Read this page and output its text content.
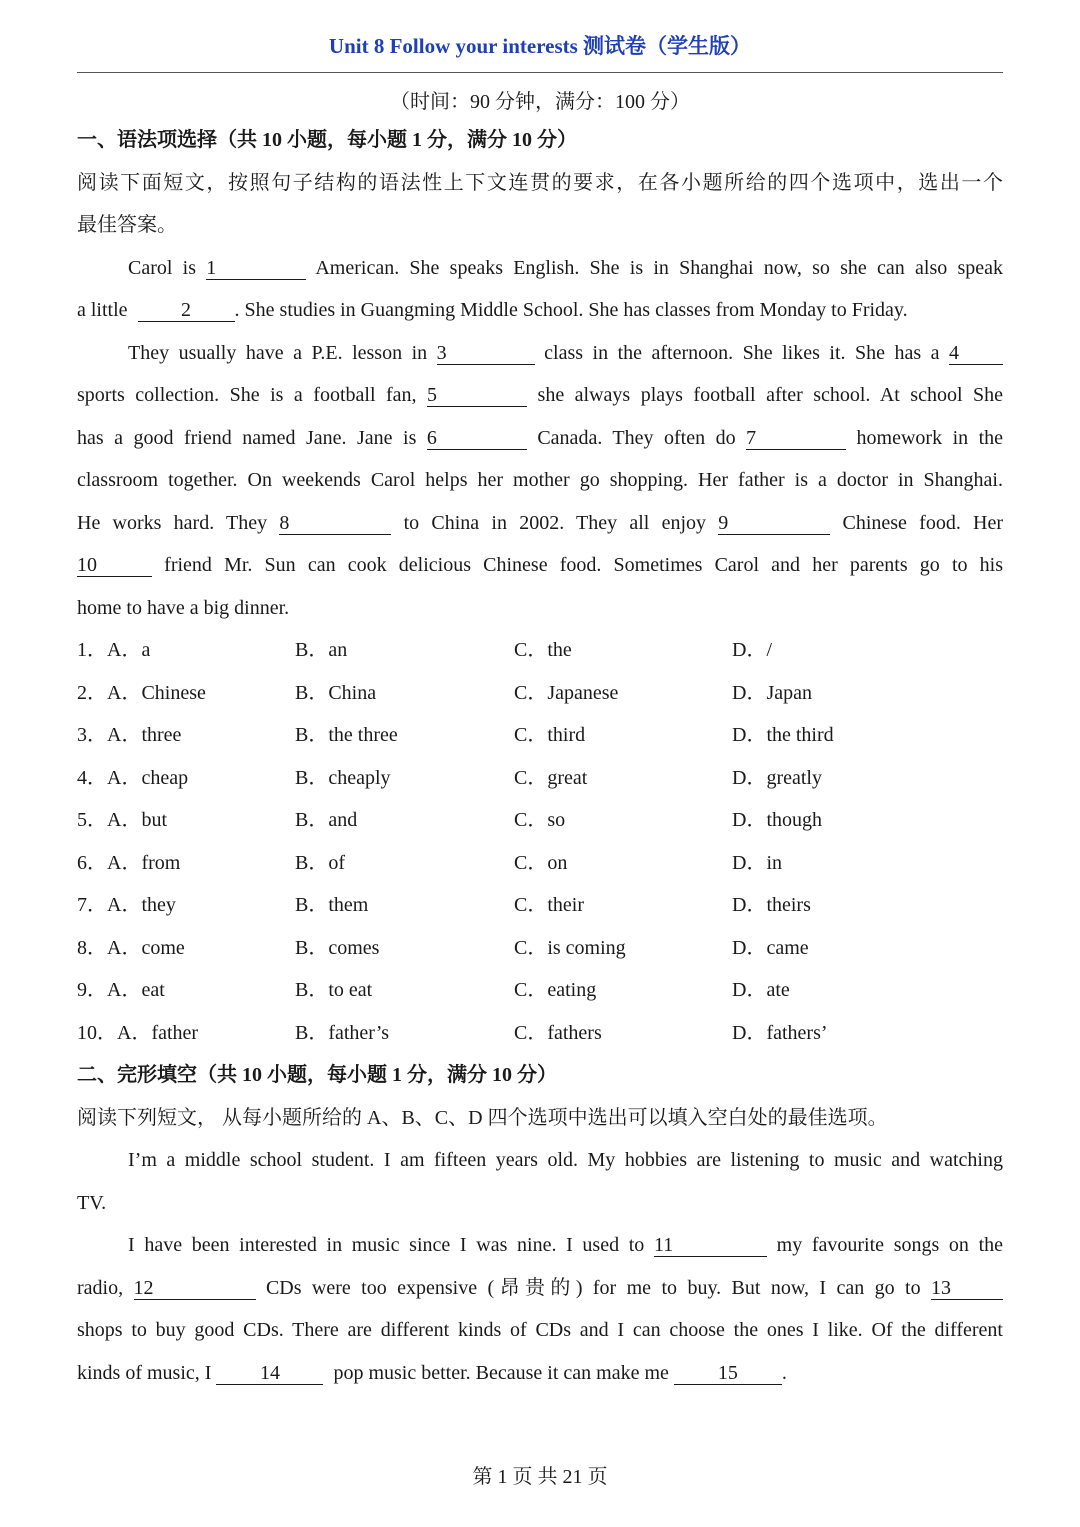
Unit 8 Follow your interests 测试卷（学生版）
（时间：90 分钟，满分：100 分）
一、语法项选择（共 10 小题，每小题 1 分，满分 10 分）
阅读下面短文，按照句子结构的语法性上下文连贯的要求，在各小题所给的四个选项中，选出一个
最佳答案。
Carol is 1	American. She speaks English. She is in Shanghai now, so she can also speak
a little	2 . She studies in Guangming Middle School. She has classes from Monday to Friday.
They usually have a P.E. lesson in 3	class in the afternoon. She likes it. She has a 4
sports collection. She is a football fan, 5	she always plays football after school. At school She
has a good friend named Jane. Jane is 6	Canada. They often do 7	homework in the
classroom together. On weekends Carol helps her mother go shopping. Her father is a doctor in Shanghai.
He works hard. They 8	to China in 2002. They all enjoy 9	Chinese food. Her
10	friend Mr. Sun can cook delicious Chinese food. Sometimes Carol and her parents go to his
home to have a big dinner.
1．A．a	B．an	C．the	D．/
2．A．Chinese	B．China	C．Japanese	D．Japan
3．A．three	B．the three	C．third	D．the third
4．A．cheap	B．cheaply	C．great	D．greatly
5．A．but	B．and	C．so	D．though
6．A．from	B．of	C．on	D．in
7．A．they	B．them	C．their	D．theirs
8．A．come	B．comes	C．is coming	D．came
9．A．eat	B．to eat	C．eating	D．ate
10．A．father	B．father’s	C．fathers	D．fathers’
二、完形填空（共 10 小题，每小题 1 分，满分 10 分）
阅读下列短文， 从每小题所给的 A、B、C、D 四个选项中选出可以填入空白处的最佳选项。
I’m a middle school student. I am fifteen years old. My hobbies are listening to music and watching
TV.
I have been interested in music since I was nine. I used to 11	my favourite songs on the
radio, 12	CDs were too expensive (昂贵的) for me to buy. But now, I can go to 13
shops to buy good CDs. There are different kinds of CDs and I can choose the ones I like. Of the different
kinds of music, I 14	pop music better. Because it can make me 15 .
第 1 页 共 21 页
